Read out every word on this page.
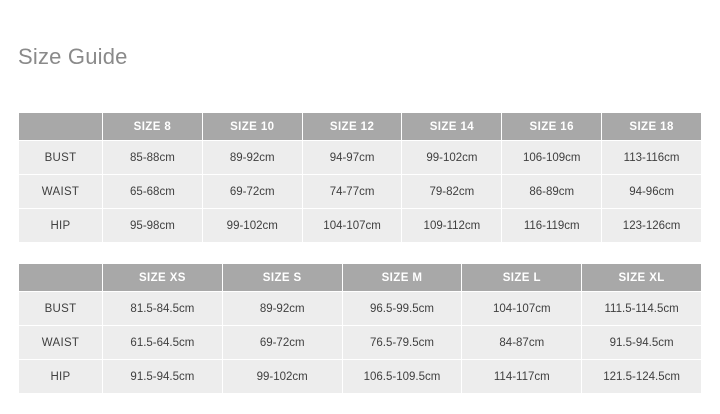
Size Guide
	SIZE 8	SIZE 10	SIZE 12	SIZE 14	SIZE 16	SIZE 18
BUST	85-88cm	89-92cm	94-97cm	99-102cm	106-109cm	113-116cm
WAIST	65-68cm	69-72cm	74-77cm	79-82cm	86-89cm	94-96cm
HIP	95-98cm	99-102cm	104-107cm	109-112cm	116-119cm	123-126cm
	SIZE XS	SIZE S	SIZE M	SIZE L	SIZE XL
BUST	81.5-84.5cm	89-92cm	96.5-99.5cm	104-107cm	111.5-114.5cm
WAIST	61.5-64.5cm	69-72cm	76.5-79.5cm	84-87cm	91.5-94.5cm
HIP	91.5-94.5cm	99-102cm	106.5-109.5cm	114-117cm	121.5-124.5cm
